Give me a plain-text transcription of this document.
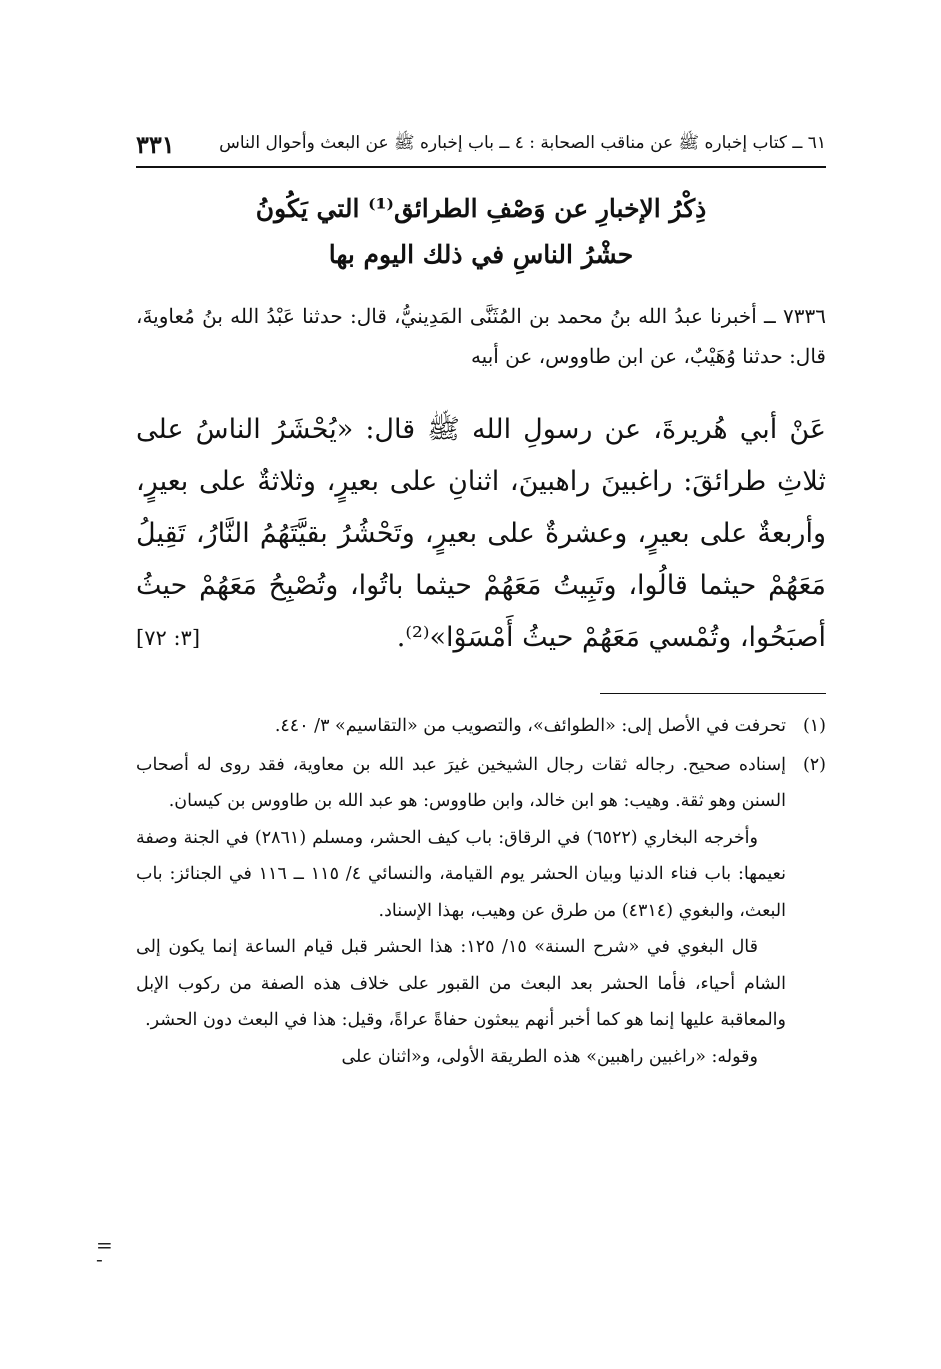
٦١ ــ كتاب إخباره ﷺ عن مناقب الصحابة : ٤ ــ باب إخباره ﷺ عن البعث وأحوال الناس
٣٣١
ذِكْرُ الإخبارِ عن وَصْفِ الطرائق⁽¹⁾ التي يَكُونُ
حشْرُ الناسِ في ذلك اليوم بها
٧٣٣٦ ــ أخبرنا عبدُ الله بنُ محمد بن المُثَنَّى المَدِينيُّ، قال: حدثنا عَبْدُ الله بنُ مُعاويةَ، قال: حدثنا وُهَيْبٌ، عن ابن طاووس، عن أبيه
عَنْ أبي هُريرةَ، عن رسولِ الله ﷺ قال: «يُحْشَرُ الناسُ على ثلاثِ طرائقَ: راغبينَ راهبينَ، اثنانِ على بعيرٍ، وثلاثةٌ على بعيرٍ، وأربعةٌ على بعيرٍ، وعشرةٌ على بعيرٍ، وتَحْشُرُ بقيَّتَهُمُ النَّارُ، تَقِيلُ مَعَهُمْ حيثما قالُوا، وتَبِيتُ مَعَهُمْ حيثما باتُوا، وتُصْبِحُ مَعَهُمْ حيثُ أصبَحُوا، وتُمْسي مَعَهُمْ حيثُ أَمْسَوْا»⁽²⁾.
[٣: ٧٢]
(١)

تحرفت في الأصل إلى: «الطوائف»، والتصويب من «التقاسيم» ٣/ ٤٤٠.

(٢)

إسناده صحيح. رجاله ثقات رجال الشيخين غيرَ عبد الله بن معاوية، فقد روى له أصحاب السنن وهو ثقة. وهيب: هو ابن خالد، وابن طاووس: هو عبد الله بن طاووس بن كيسان.

وأخرجه البخاري (٦٥٢٢) في الرقاق: باب كيف الحشر، ومسلم (٢٨٦١) في الجنة وصفة نعيمها: باب فناء الدنيا وبيان الحشر يوم القيامة، والنسائي ٤/ ١١٥ ــ ١١٦ في الجنائز: باب البعث، والبغوي (٤٣١٤) من طرق عن وهيب، بهذا الإسناد.

قال البغوي في «شرح السنة» ١٥/ ١٢٥: هذا الحشر قبل قيام الساعة إنما يكون إلى الشام أحياء، فأما الحشر بعد البعث من القبور على خلاف هذه الصفة من ركوب الإبل والمعاقبة عليها إنما هو كما أخبر أنهم يبعثون حفاةً عراةً، وقيل: هذا في البعث دون الحشر.

وقوله: «راغبين راهبين» هذه الطريقة الأولى، و«اثنان على

=
-
